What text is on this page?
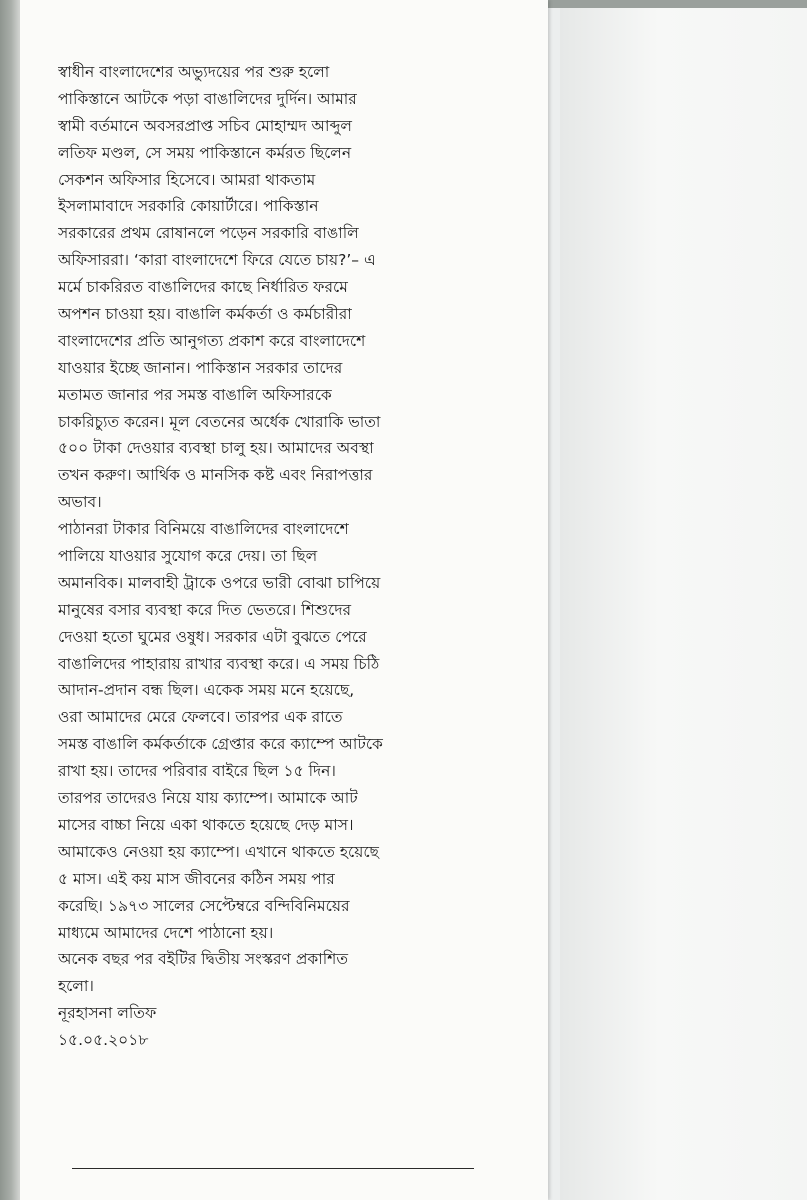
স্বাধীন বাংলাদেশের অভ্যুদয়ের পর শুরু হলো
পাকিস্তানে আটকে পড়া বাঙালিদের দুর্দিন। আমার
স্বামী বর্তমানে অবসরপ্রাপ্ত সচিব মোহাম্মদ আব্দুল
লতিফ মণ্ডল, সে সময় পাকিস্তানে কর্মরত ছিলেন
সেকশন অফিসার হিসেবে। আমরা থাকতাম
ইসলামাবাদে সরকারি কোয়ার্টারে। পাকিস্তান
সরকারের প্রথম রোষানলে পড়েন সরকারি বাঙালি
অফিসাররা। ‘কারা বাংলাদেশে ফিরে যেতে চায়?’– এ
মর্মে চাকরিরত বাঙালিদের কাছে নির্ধারিত ফরমে
অপশন চাওয়া হয়। বাঙালি কর্মকর্তা ও কর্মচারীরা
বাংলাদেশের প্রতি আনুগত্য প্রকাশ করে বাংলাদেশে
যাওয়ার ইচ্ছে জানান। পাকিস্তান সরকার তাদের
মতামত জানার পর সমস্ত বাঙালি অফিসারকে
চাকরিচ্যুত করেন। মূল বেতনের অর্ধেক খোরাকি ভাতা
৫০০ টাকা দেওয়ার ব্যবস্থা চালু হয়। আমাদের অবস্থা
তখন করুণ। আর্থিক ও মানসিক কষ্ট এবং নিরাপত্তার
অভাব।
পাঠানরা টাকার বিনিময়ে বাঙালিদের বাংলাদেশে
পালিয়ে যাওয়ার সুযোগ করে দেয়। তা ছিল
অমানবিক। মালবাহী ট্রাকে ওপরে ভারী বোঝা চাপিয়ে
মানুষের বসার ব্যবস্থা করে দিত ভেতরে। শিশুদের
দেওয়া হতো ঘুমের ওষুধ। সরকার এটা বুঝতে পেরে
বাঙালিদের পাহারায় রাখার ব্যবস্থা করে। এ সময় চিঠি
আদান-প্রদান বন্ধ ছিল। একেক সময় মনে হয়েছে,
ওরা আমাদের মেরে ফেলবে। তারপর এক রাতে
সমস্ত বাঙালি কর্মকর্তাকে গ্রেপ্তার করে ক্যাম্পে আটকে
রাখা হয়। তাদের পরিবার বাইরে ছিল ১৫ দিন।
তারপর তাদেরও নিয়ে যায় ক্যাম্পে। আমাকে আট
মাসের বাচ্চা নিয়ে একা থাকতে হয়েছে দেড় মাস।
আমাকেও নেওয়া হয় ক্যাম্পে। এখানে থাকতে হয়েছে
৫ মাস। এই কয় মাস জীবনের কঠিন সময় পার
করেছি। ১৯৭৩ সালের সেপ্টেম্বরে বন্দিবিনিময়ের
মাধ্যমে আমাদের দেশে পাঠানো হয়।
অনেক বছর পর বইটির দ্বিতীয় সংস্করণ প্রকাশিত
হলো।
নূরহাসনা লতিফ
১৫.০৫.২০১৮
